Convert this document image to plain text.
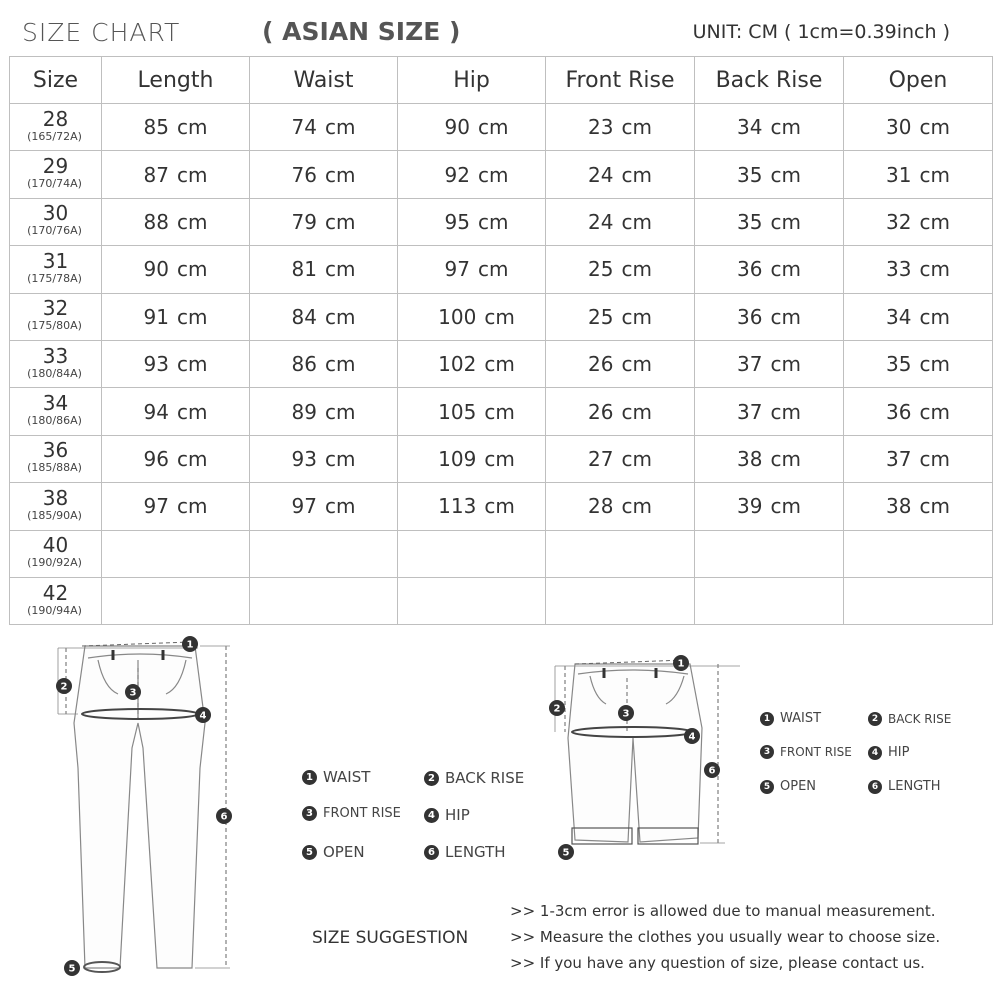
SIZE CHART	( ASIAN SIZE )	UNIT: CM ( 1cm=0.39inch )
Size	Length	Waist	Hip	Front Rise	Back Rise	Open

28
(165/72A)	85 cm	74 cm	90 cm	23 cm	34 cm	30 cm

29
(170/74A)	87 cm	76 cm	92 cm	24 cm	35 cm	31 cm

30
(170/76A)	88 cm	79 cm	95 cm	24 cm	35 cm	32 cm

31
(175/78A)	90 cm	81 cm	97 cm	25 cm	36 cm	33 cm

32
(175/80A)	91 cm	84 cm	100 cm	25 cm	36 cm	34 cm

33
(180/84A)	93 cm	86 cm	102 cm	26 cm	37 cm	35 cm

34
(180/86A)	94 cm	89 cm	105 cm	26 cm	37 cm	36 cm

36
(185/88A)	96 cm	93 cm	109 cm	27 cm	38 cm	37 cm

38
(185/90A)	97 cm	97 cm	113 cm	28 cm	39 cm	38 cm

40
(190/92A)						

42
(190/94A)						

1
2
3
4
5
6
1
2	3
4
5
6
1 WAIST	2 BACK RISE
3 FRONT RISE	4 HIP
5 OPEN	6 LENGTH
1 WAIST	2 BACK RISE
3 FRONT RISE	4 HIP
5 OPEN	6 LENGTH
SIZE SUGGESTION
>> 1-3cm error is allowed due to manual measurement.
>> Measure the clothes you usually wear to choose size.
>> If you have any question of size, please contact us.
